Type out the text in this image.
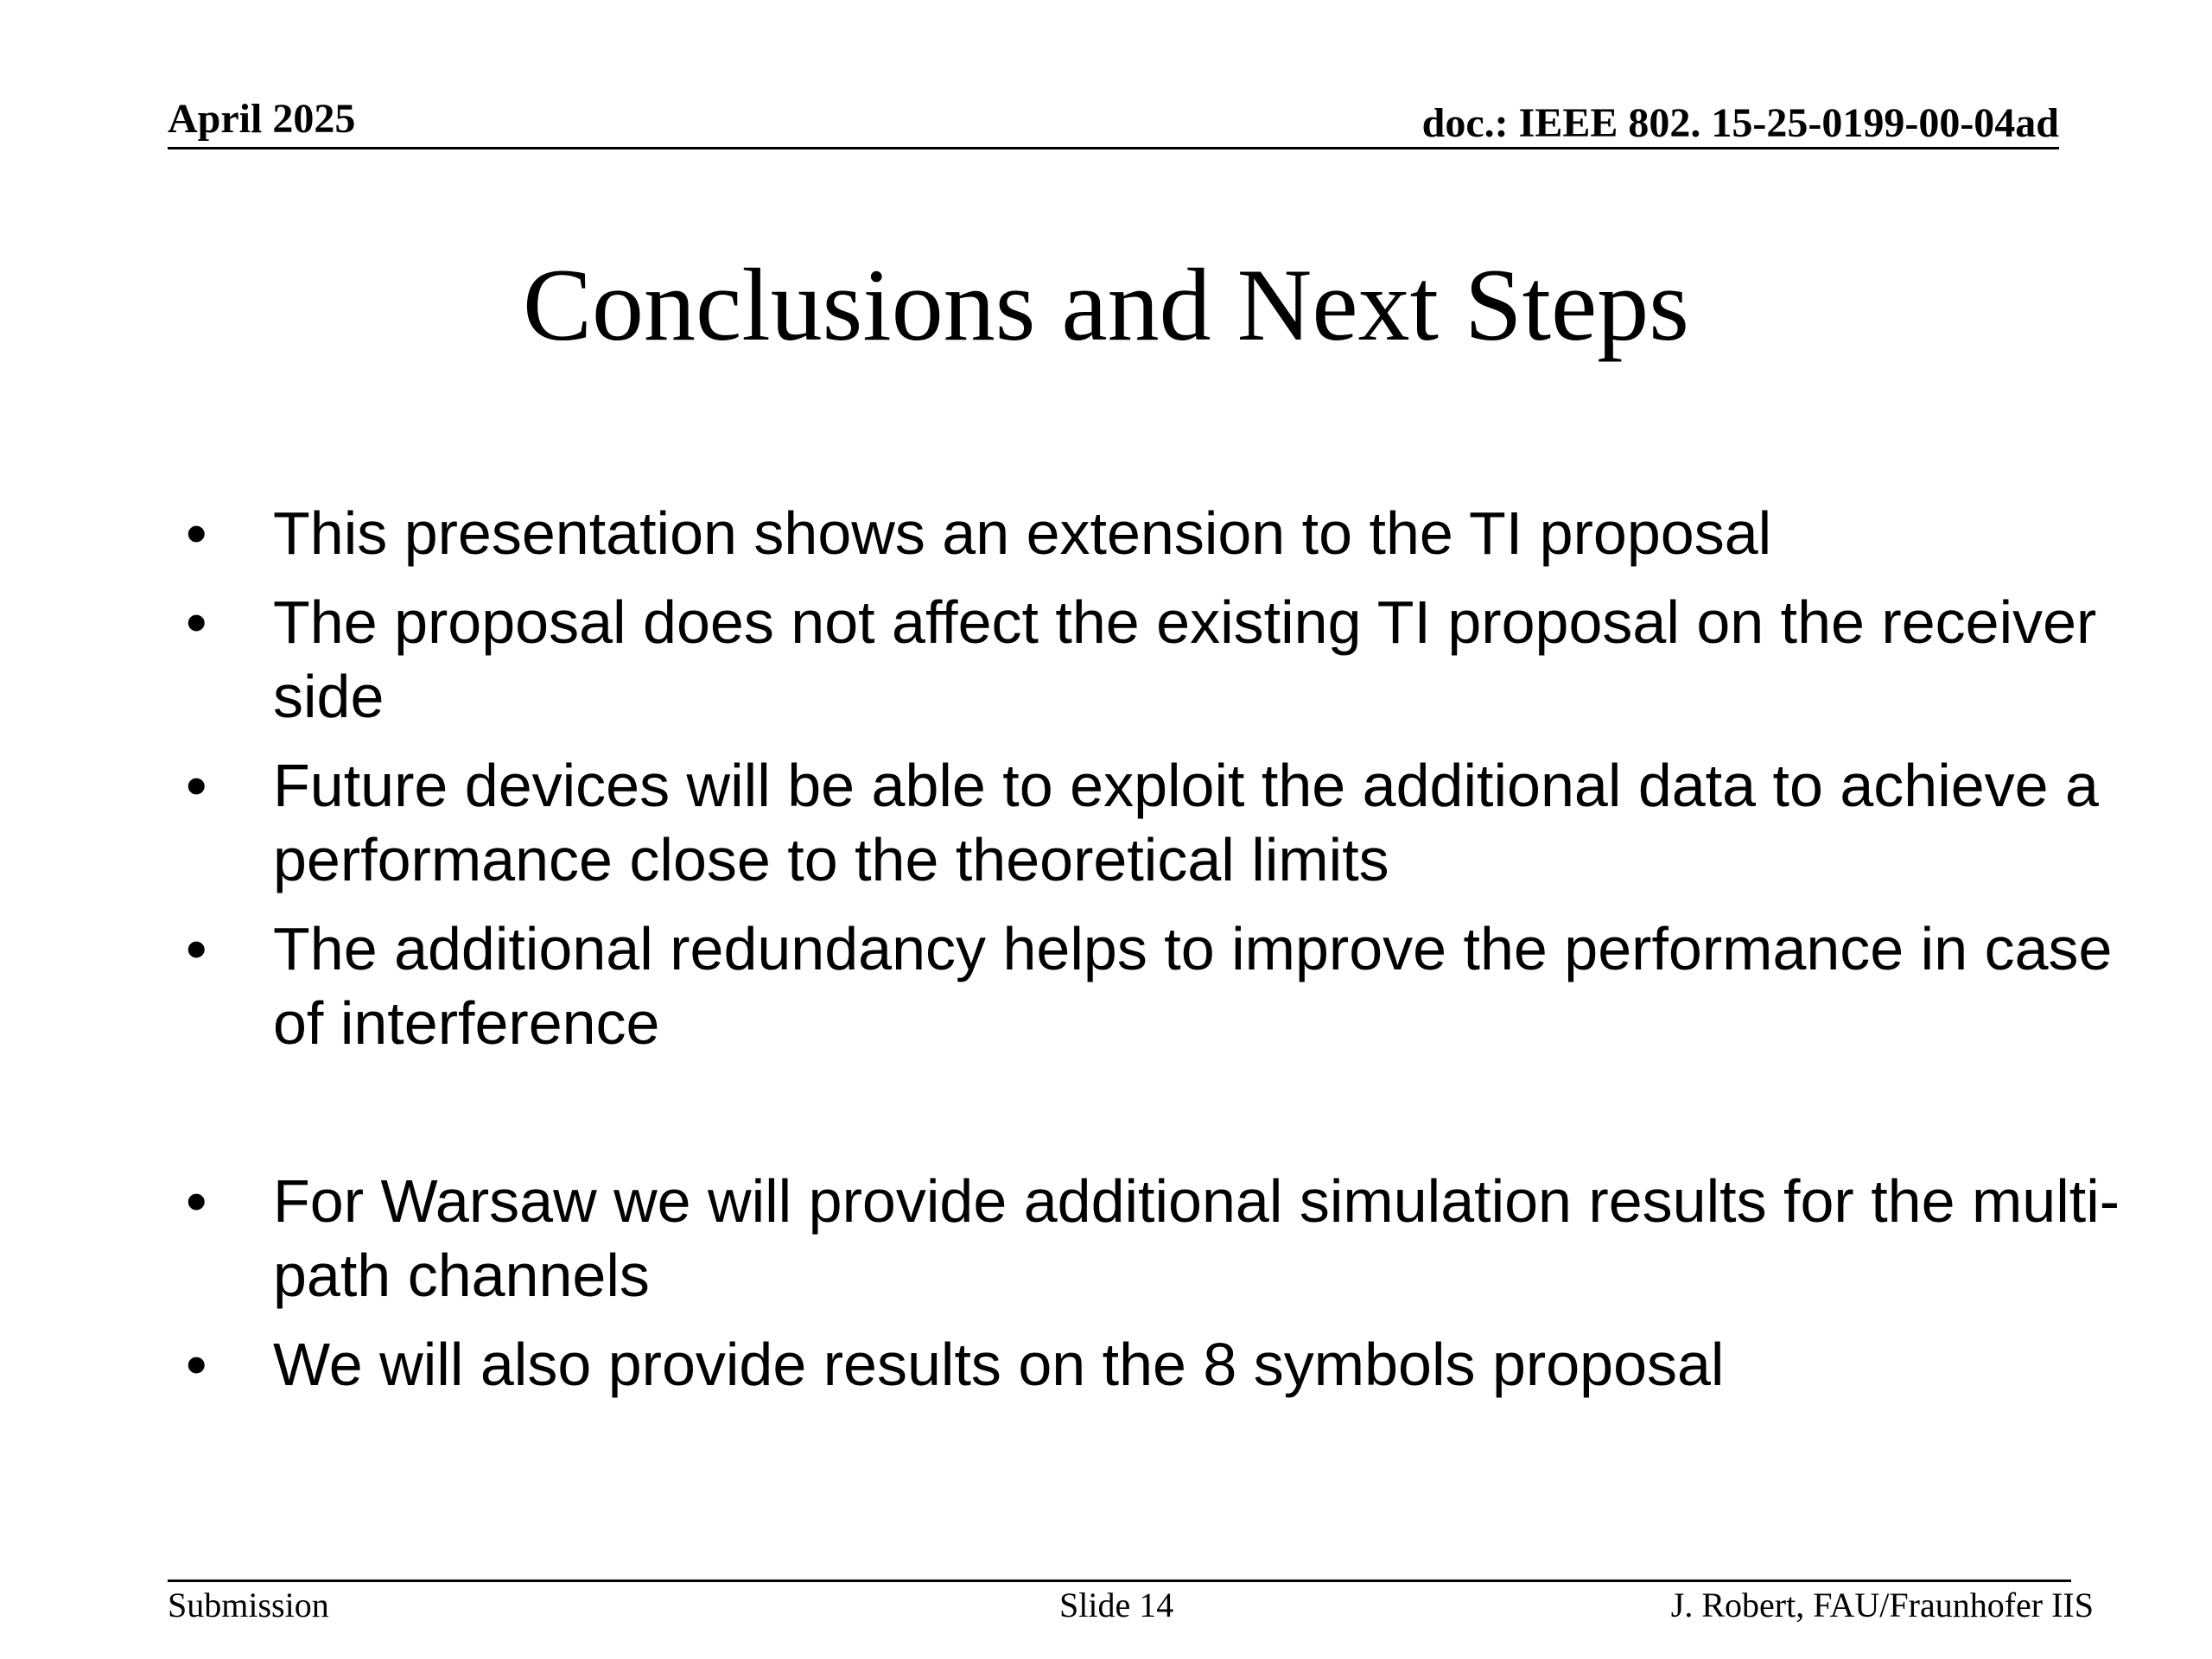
April 2025	doc.: IEEE 802. 15-25-0199-00-04ad
Conclusions and Next Steps
•	This presentation shows an extension to the TI proposal
•	The proposal does not affect the existing TI proposal on the receiver side
•	Future devices will be able to exploit the additional data to achieve a performance close to the theoretical limits
•	The additional redundancy helps to improve the performance in case of interference
•	For Warsaw we will provide additional simulation results for the multi-path channels
•	We will also provide results on the 8 symbols proposal
Submission	Slide 14	J. Robert, FAU/Fraunhofer IIS
